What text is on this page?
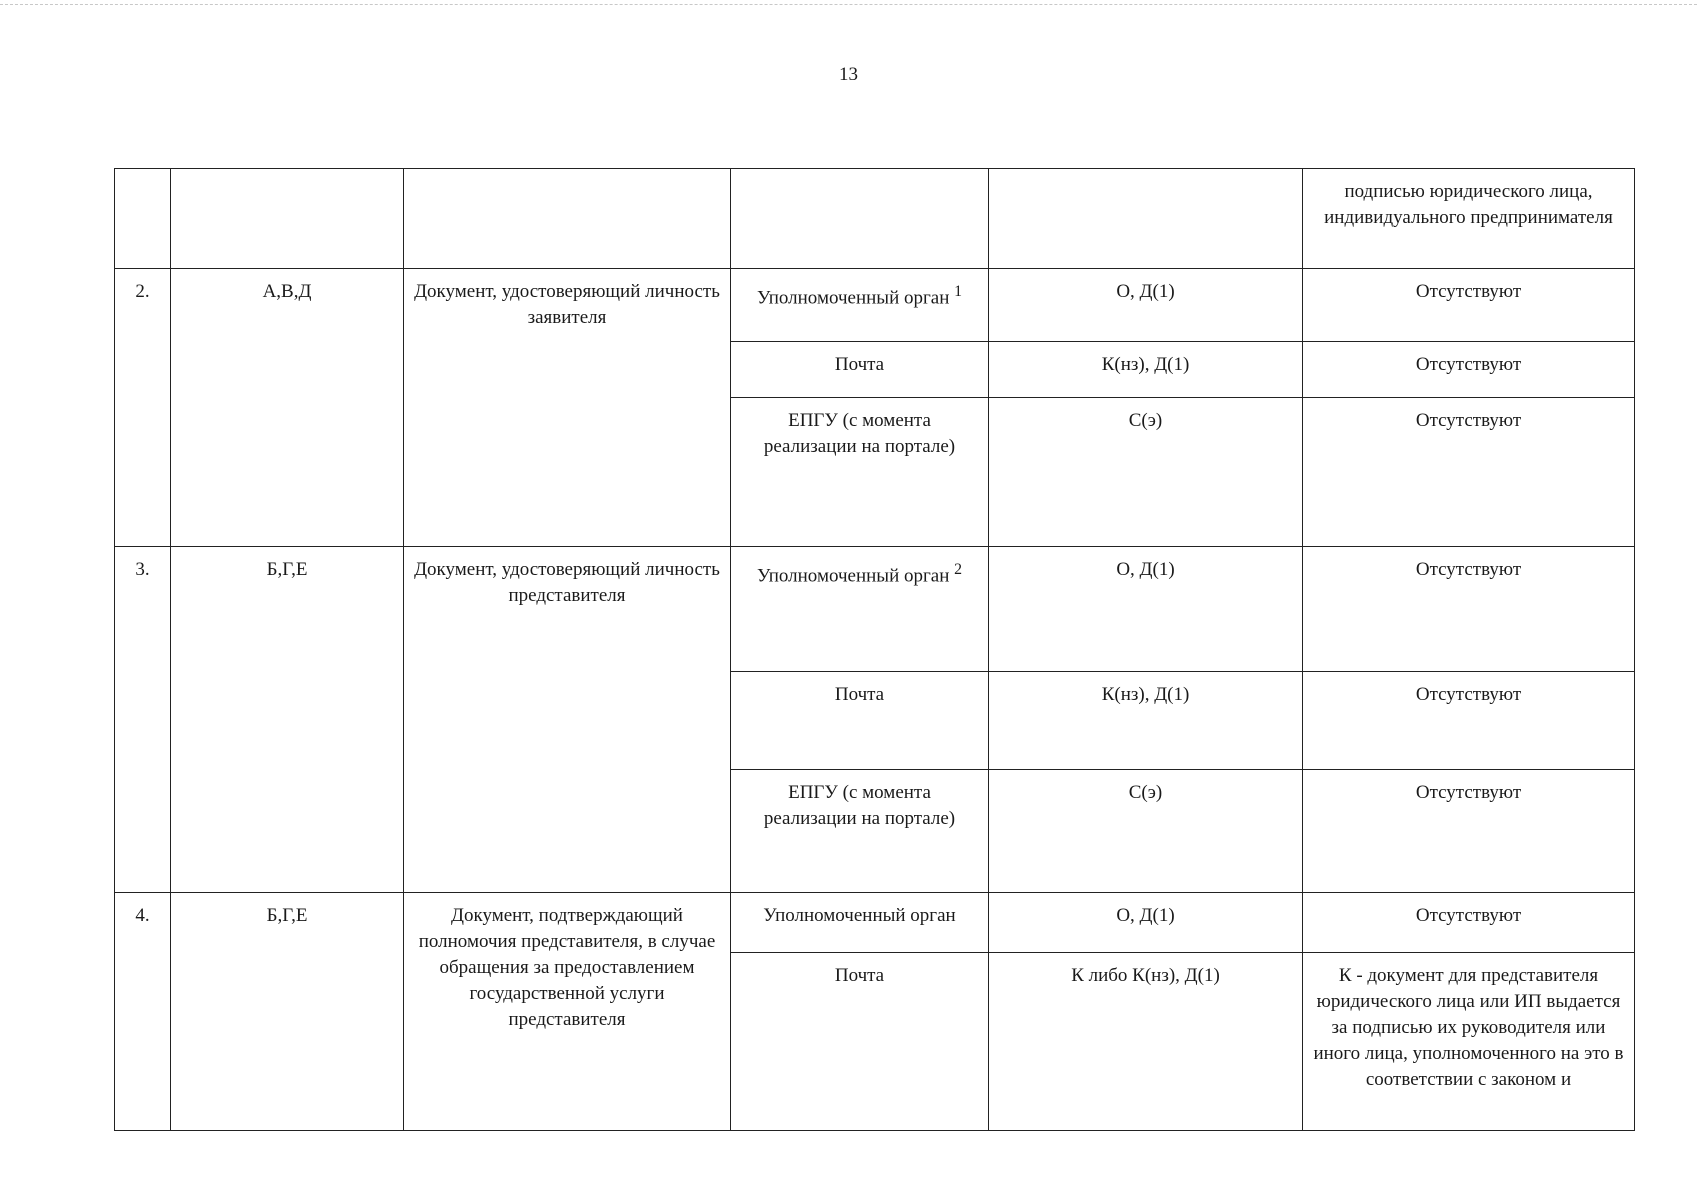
13
					подписью юридического лица, индивидуального предпринимателя
2.	А,В,Д	Документ, удостоверяющий личность заявителя	Уполномоченный орган $^1$	О, Д(1)	Отсутствуют
			Почта	К(нз), Д(1)	Отсутствуют
			ЕПГУ (с момента реализации на портале)	С(э)	Отсутствуют
3.	Б,Г,Е	Документ, удостоверяющий личность представителя	Уполномоченный орган $^2$	О, Д(1)	Отсутствуют
			Почта	К(нз), Д(1)	Отсутствуют
			ЕПГУ (с момента реализации на портале)	С(э)	Отсутствуют
4.	Б,Г,Е	Документ, подтверждающий полномочия представителя, в случае обращения за предоставлением государственной услуги представителя	Уполномоченный орган	О, Д(1)	Отсутствуют
			Почта	К либо К(нз), Д(1)	К - документ для представителя юридического лица или ИП выдается за подписью их руководителя или иного лица, уполномоченного на это в соответствии с законом и
